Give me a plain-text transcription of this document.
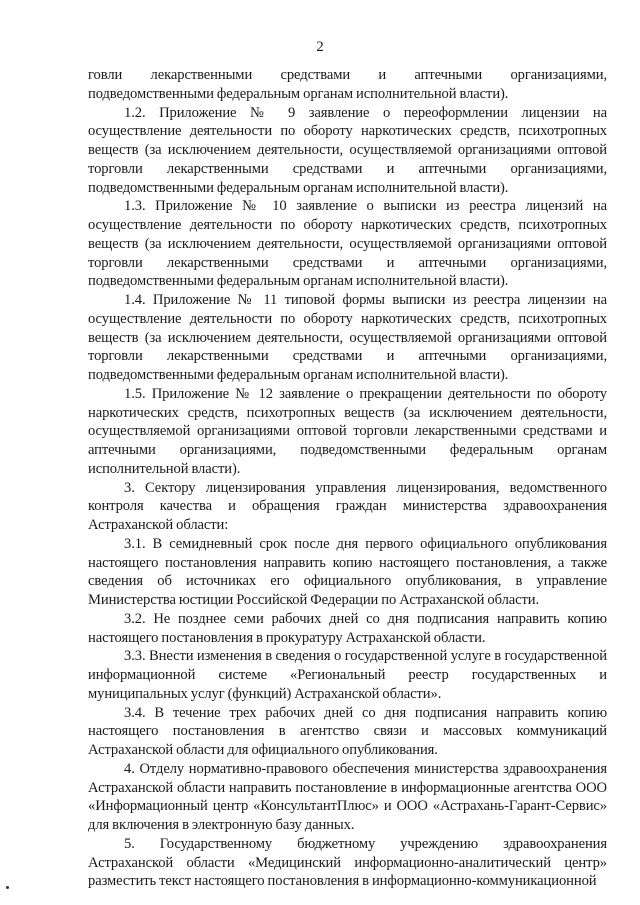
2

говли лекарственными средствами и аптечными организациями, подведомственными федеральным органам исполнительной власти).

1.2. Приложение № 9 заявление о переоформлении лицензии на осуществление деятельности по обороту наркотических средств, психотропных веществ (за исключением деятельности, осуществляемой организациями оптовой торговли лекарственными средствами и аптечными организациями, подведомственными федеральным органам исполнительной власти).

1.3. Приложение № 10 заявление о выписки из реестра лицензий на осуществление деятельности по обороту наркотических средств, психотропных веществ (за исключением деятельности, осуществляемой организациями оптовой торговли лекарственными средствами и аптечными организациями, подведомственными федеральным органам исполнительной власти).

1.4. Приложение № 11 типовой формы выписки из реестра лицензии на осуществление деятельности по обороту наркотических средств, психотропных веществ (за исключением деятельности, осуществляемой организациями оптовой торговли лекарственными средствами и аптечными организациями, подведомственными федеральным органам исполнительной власти).

1.5. Приложение № 12 заявление о прекращении деятельности по обороту наркотических средств, психотропных веществ (за исключением деятельности, осуществляемой организациями оптовой торговли лекарственными средствами и аптечными организациями, подведомственными федеральным органам исполнительной власти).

3. Сектору лицензирования управления лицензирования, ведомственного контроля качества и обращения граждан министерства здравоохранения Астраханской области:

3.1. В семидневный срок после дня первого официального опубликования настоящего постановления направить копию настоящего постановления, а также сведения об источниках его официального опубликования, в управление Министерства юстиции Российской Федерации по Астраханской области.

3.2. Не позднее семи рабочих дней со дня подписания направить копию настоящего постановления в прокуратуру Астраханской области.

3.3. Внести изменения в сведения о государственной услуге в государственной информационной системе «Региональный реестр государственных и муниципальных услуг (функций) Астраханской области».

3.4. В течение трех рабочих дней со дня подписания направить копию настоящего постановления в агентство связи и массовых коммуникаций Астраханской области для официального опубликования.

4. Отделу нормативно-правового обеспечения министерства здравоохранения Астраханской области направить постановление в информационные агентства ООО «Информационный центр «КонсультантПлюс» и ООО «Астрахань-Гарант-Сервис» для включения в электронную базу данных.

5. Государственному бюджетному учреждению здравоохранения Астраханской области «Медицинский информационно-аналитический центр» разместить текст настоящего постановления в информационно-коммуникационной
